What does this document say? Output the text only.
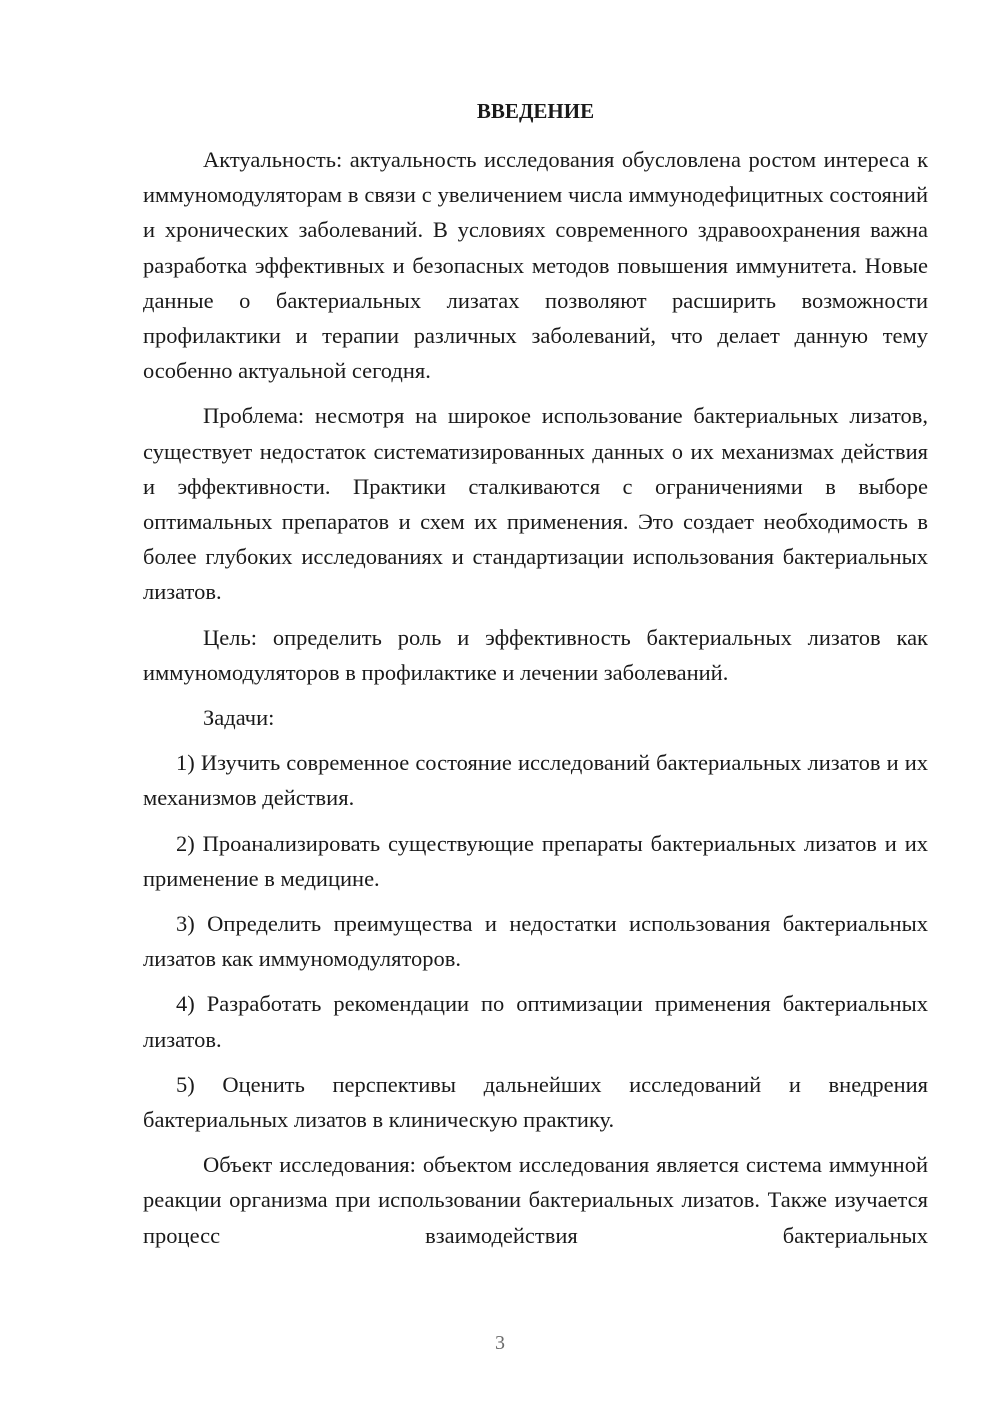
ВВЕДЕНИЕ

Актуальность: актуальность исследования обусловлена ростом интереса к иммуномодуляторам в связи с увеличением числа иммунодефицитных состояний и хронических заболеваний. В условиях современного здравоохранения важна разработка эффективных и безопасных методов повышения иммунитета. Новые данные о бактериальных лизатах позволяют расширить возможности профилактики и терапии различных заболеваний, что делает данную тему особенно актуальной сегодня.

Проблема: несмотря на широкое использование бактериальных лизатов, существует недостаток систематизированных данных о их механизмах действия и эффективности. Практики сталкиваются с ограничениями в выборе оптимальных препаратов и схем их применения. Это создает необходимость в более глубоких исследованиях и стандартизации использования бактериальных лизатов.

Цель: определить роль и эффективность бактериальных лизатов как иммуномодуляторов в профилактике и лечении заболеваний.

Задачи:

1) Изучить современное состояние исследований бактериальных лизатов и их механизмов действия.

2) Проанализировать существующие препараты бактериальных лизатов и их применение в медицине.

3) Определить преимущества и недостатки использования бактериальных лизатов как иммуномодуляторов.

4) Разработать рекомендации по оптимизации применения бактериальных лизатов.

5) Оценить перспективы дальнейших исследований и внедрения бактериальных лизатов в клиническую практику.

Объект исследования: объектом исследования является система иммунной реакции организма при использовании бактериальных лизатов. Также изучается процесс взаимодействия бактериальных

3
